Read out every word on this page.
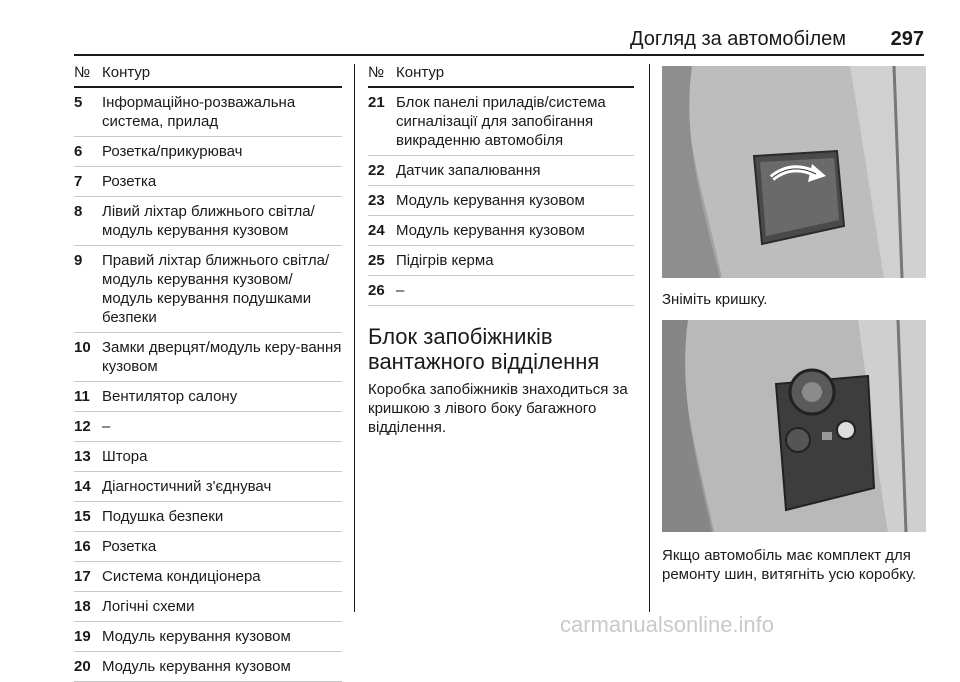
Догляд за автомобілем 297
№ Контур
5	Інформаційно-розважальна система, прилад
6	Розетка/прикурювач
7	Розетка
8	Лівий ліхтар ближнього світла/модуль керування кузовом
9	Правий ліхтар ближнього світла/модуль керування кузовом/модуль керування подушками безпеки
10 Замки дверцят/модуль керу-вання кузовом
11 Вентилятор салону
12 –
13 Штора
14 Діагностичний з'єднувач
15 Подушка безпеки
16 Розетка
17 Система кондиціонера
18 Логічні схеми
19 Модуль керування кузовом
20 Модуль керування кузовом
№ Контур
21 Блок панелі приладів/система сигналізації для запобігання викраденню автомобіля
22 Датчик запалювання
23 Модуль керування кузовом
24 Модуль керування кузовом
25 Підігрів керма
26 –
Блок запобіжників вантажного відділення
Коробка запобіжників знаходиться за кришкою з лівого боку багажного відділення.
Зніміть кришку.
Якщо автомобіль має комплект для ремонту шин, витягніть усю коробку.
carmanualsonline.info
